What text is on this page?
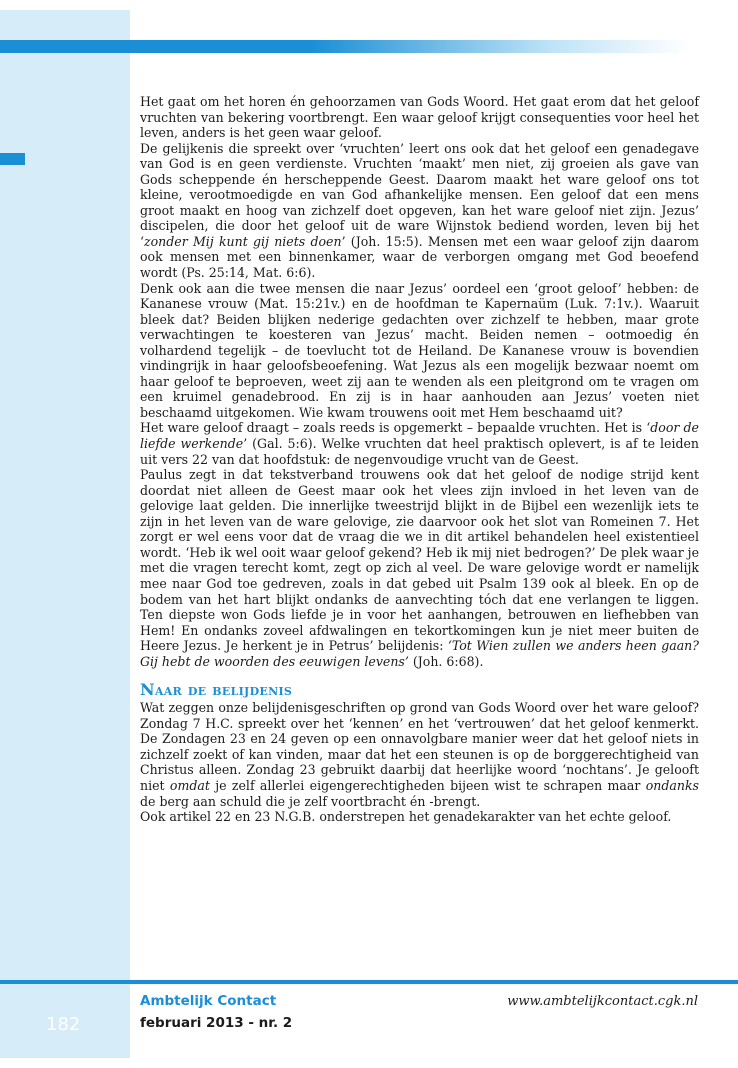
Het gaat om het horen én gehoorzamen van Gods Woord. Het gaat erom dat het geloof vruchten van bekering voortbrengt. Een waar geloof krijgt consequenties voor heel het leven, anders is het geen waar geloof.

De gelijkenis die spreekt over ‘vruchten’ leert ons ook dat het geloof een genadegave van God is en geen verdienste. Vruchten ‘maakt’ men niet, zij groeien als gave van Gods scheppende én herscheppende Geest. Daarom maakt het ware geloof ons tot kleine, verootmoedigde en van God afhankelijke mensen. Een geloof dat een mens groot maakt en hoog van zichzelf doet opgeven, kan het ware geloof niet zijn. Jezus’ discipelen, die door het geloof uit de ware Wijnstok bediend worden, leven bij het ‘zonder Mij kunt gij niets doen’ (Joh. 15:5). Mensen met een waar geloof zijn daarom ook mensen met een binnenkamer, waar de verborgen omgang met God beoefend wordt (Ps. 25:14, Mat. 6:6).

Denk ook aan die twee mensen die naar Jezus’ oordeel een ‘groot geloof’ hebben: de Kananese vrouw (Mat. 15:21v.) en de hoofdman te Kapernaüm (Luk. 7:1v.). Waaruit bleek dat? Beiden blijken nederige gedachten over zichzelf te hebben, maar grote verwachtingen te koesteren van Jezus’ macht. Beiden nemen – ootmoedig én volhardend tegelijk – de toevlucht tot de Heiland. De Kananese vrouw is bovendien vindingrijk in haar geloofsbeoefening. Wat Jezus als een mogelijk bezwaar noemt om haar geloof te beproeven, weet zij aan te wenden als een pleitgrond om te vragen om een kruimel genadebrood. En zij is in haar aanhouden aan Jezus’ voeten niet beschaamd uitgekomen. Wie kwam trouwens ooit met Hem beschaamd uit?

Het ware geloof draagt – zoals reeds is opgemerkt – bepaalde vruchten. Het is ‘door de liefde werkende’ (Gal. 5:6). Welke vruchten dat heel praktisch oplevert, is af te leiden uit vers 22 van dat hoofdstuk: de negenvoudige vrucht van de Geest.

Paulus zegt in dat tekstverband trouwens ook dat het geloof de nodige strijd kent doordat niet alleen de Geest maar ook het vlees zijn invloed in het leven van de gelovige laat gelden. Die innerlijke tweestrijd blijkt in de Bijbel een wezenlijk iets te zijn in het leven van de ware gelovige, zie daarvoor ook het slot van Romeinen 7. Het zorgt er wel eens voor dat de vraag die we in dit artikel behandelen heel existentieel wordt. ‘Heb ik wel ooit waar geloof gekend? Heb ik mij niet bedrogen?’ De plek waar je met die vragen terecht komt, zegt op zich al veel. De ware gelovige wordt er namelijk mee naar God toe gedreven, zoals in dat gebed uit Psalm 139 ook al bleek. En op de bodem van het hart blijkt ondanks de aanvechting tóch dat ene verlangen te liggen. Ten diepste won Gods liefde je in voor het aanhangen, betrouwen en liefhebben van Hem! En ondanks zoveel afdwalingen en tekortkomingen kun je niet meer buiten de Heere Jezus. Je herkent je in Petrus’ belijdenis: ‘Tot Wien zullen we anders heen gaan? Gij hebt de woorden des eeuwigen levens’ (Joh. 6:68).

Naar de belijdenis

Wat zeggen onze belijdenisgeschriften op grond van Gods Woord over het ware geloof? Zondag 7 H.C. spreekt over het ‘kennen’ en het ‘vertrouwen’ dat het geloof kenmerkt. De Zondagen 23 en 24 geven op een onnavolgbare manier weer dat het geloof niets in zichzelf zoekt of kan vinden, maar dat het een steunen is op de borggerechtigheid van Christus alleen. Zondag 23 gebruikt daarbij dat heerlijke woord ‘nochtans’. Je gelooft niet omdat je zelf allerlei eigengerechtigheden bijeen wist te schrapen maar ondanks de berg aan schuld die je zelf voortbracht én -brengt.

Ook artikel 22 en 23 N.G.B. onderstrepen het genadekarakter van het echte geloof.

Ambtelijk Contact
februari 2013 - nr. 2
www.ambtelijkcontact.cgk.nl
182
